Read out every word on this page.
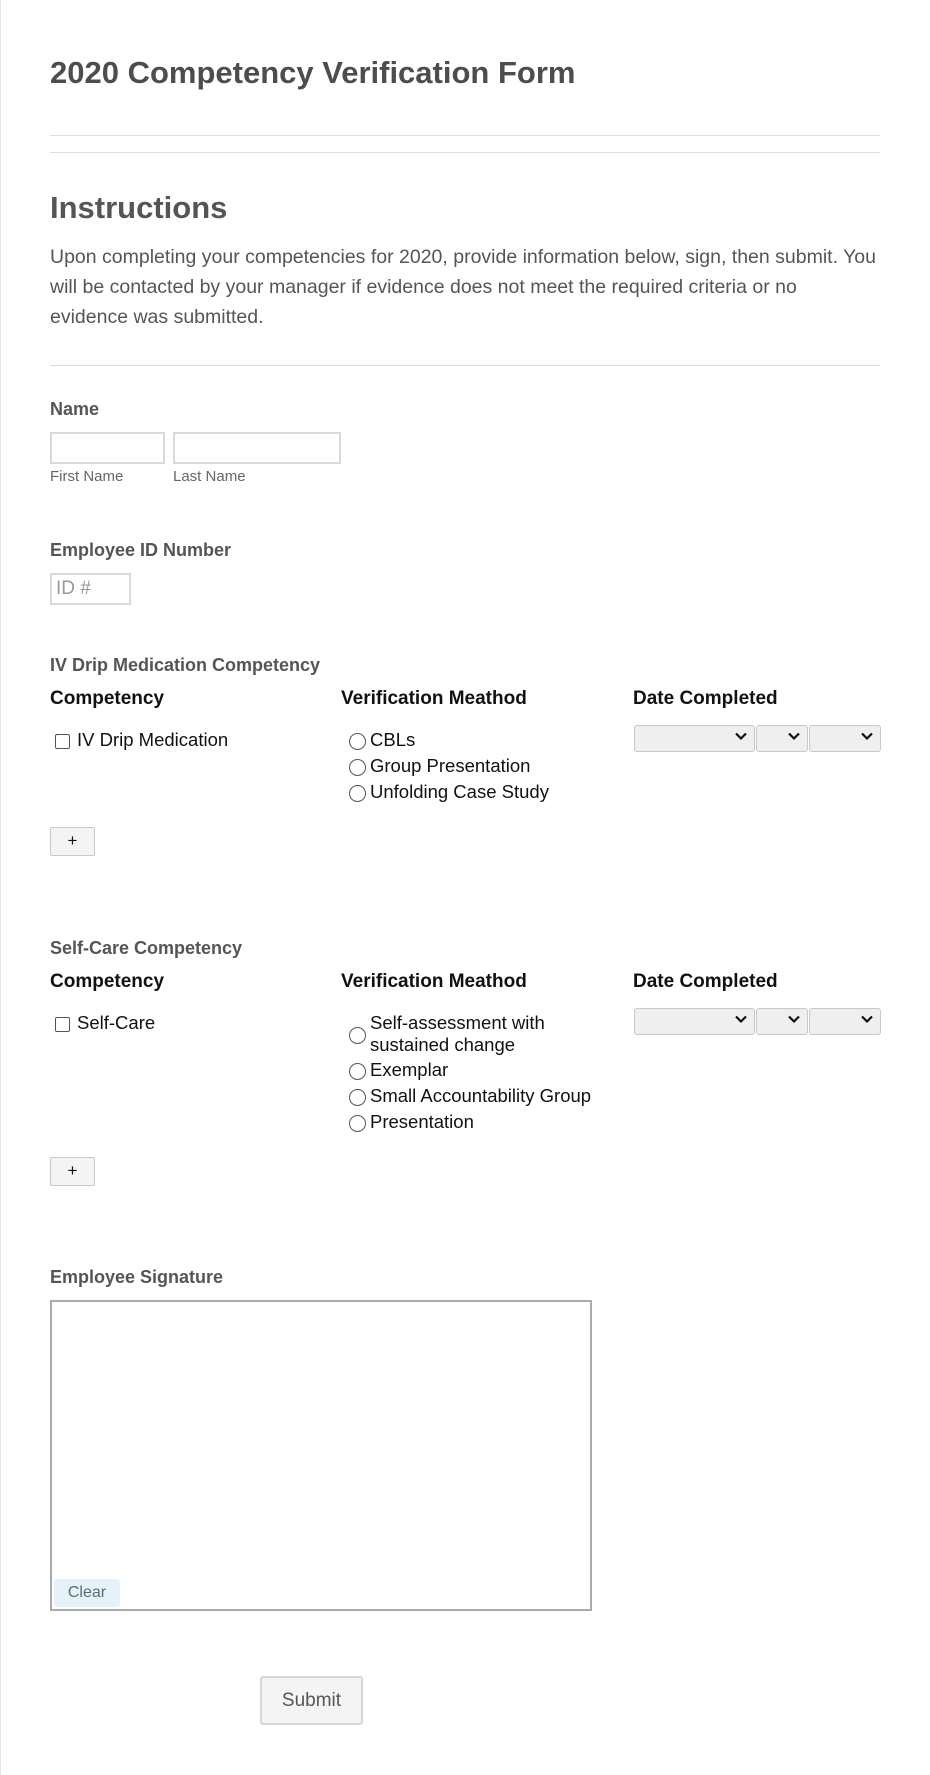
2020 Competency Verification Form
Instructions
Upon completing your competencies for 2020, provide information below, sign, then submit. You will be contacted by your manager if evidence does not meet the required criteria or no evidence was submitted.
Name
First Name	Last Name
Employee ID Number
ID #
IV Drip Medication Competency
Competency	Verification Meathod	Date Completed
IV Drip Medication	CBLs
Group Presentation
Unfolding Case Study
+
Self-Care Competency
Competency	Verification Meathod	Date Completed
Self-Care	Self-assessment with sustained change
Exemplar
Small Accountability Group
Presentation
+
Employee Signature
Clear
Submit
